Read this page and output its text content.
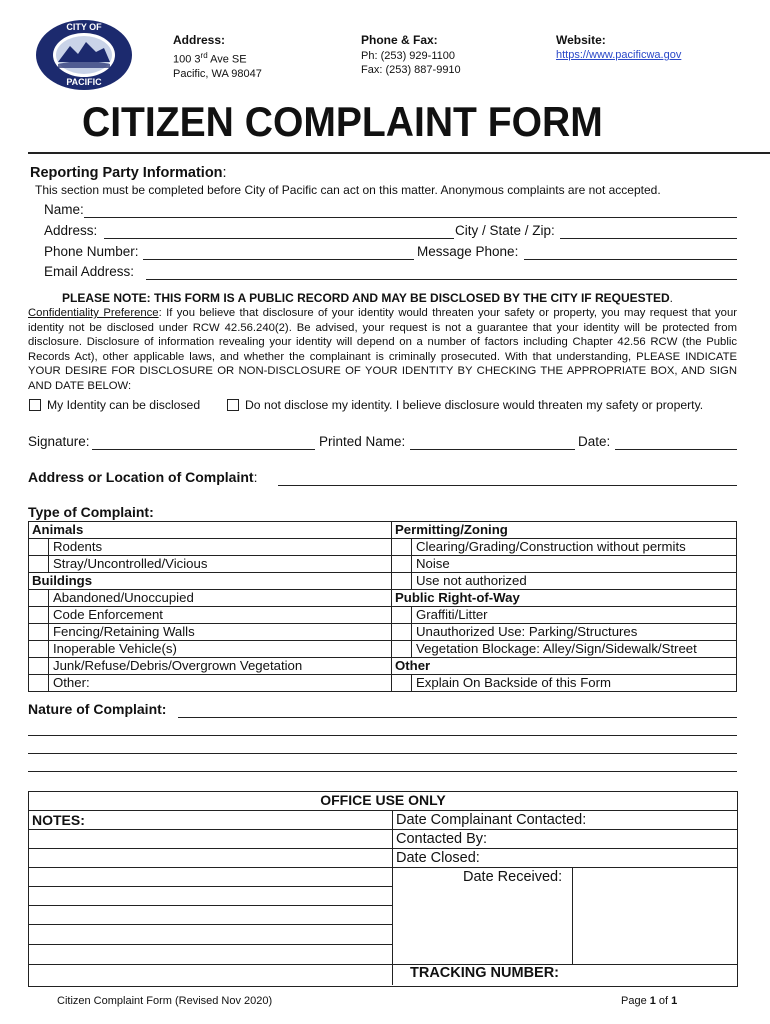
CITY OF
PACIFIC
Address:
100 3rd Ave SE
Pacific, WA 98047
Phone & Fax:
Ph: (253) 929-1100
Fax: (253) 887-9910
Website:
https://www.pacificwa.gov
CITIZEN COMPLAINT FORM
Reporting Party Information:
This section must be completed before City of Pacific can act on this matter. Anonymous complaints are not accepted.
Name:
Address:	City / State / Zip:
Phone Number:	Message Phone:
Email Address:
PLEASE NOTE: THIS FORM IS A PUBLIC RECORD AND MAY BE DISCLOSED BY THE CITY IF REQUESTED.
Confidentiality Preference: If you believe that disclosure of your identity would threaten your safety or property, you may request that your identity not be disclosed under RCW 42.56.240(2). Be advised, your request is not a guarantee that your identity will be protected from disclosure. Disclosure of information revealing your identity will depend on a number of factors including Chapter 42.56 RCW (the Public Records Act), other applicable laws, and whether the complainant is criminally prosecuted. With that understanding, PLEASE INDICATE YOUR DESIRE FOR DISCLOSURE OR NON-DISCLOSURE OF YOUR IDENTITY BY CHECKING THE APPROPRIATE BOX, AND SIGN AND DATE BELOW:
My Identity can be disclosed	Do not disclose my identity. I believe disclosure would threaten my safety or property.
Signature:	Printed Name:	Date:
Address or Location of Complaint:
Type of Complaint:
Animals		Permitting/Zoning	
	Rodents		Clearing/Grading/Construction without permits
	Stray/Uncontrolled/Vicious		Noise
Buildings			Use not authorized
	Abandoned/Unoccupied	Public Right-of-Way	
	Code Enforcement		Graffiti/Litter
	Fencing/Retaining Walls		Unauthorized Use: Parking/Structures
	Inoperable Vehicle(s)		Vegetation Blockage: Alley/Sign/Sidewalk/Street
	Junk/Refuse/Debris/Overgrown Vegetation	Other	
	Other:		Explain On Backside of this Form
Nature of Complaint:
OFFICE USE ONLY
NOTES:	Date Complainant Contacted:
Contacted By:
Date Closed:
Date Received:
TRACKING NUMBER:
Citizen Complaint Form (Revised Nov 2020)	Page 1 of 1
